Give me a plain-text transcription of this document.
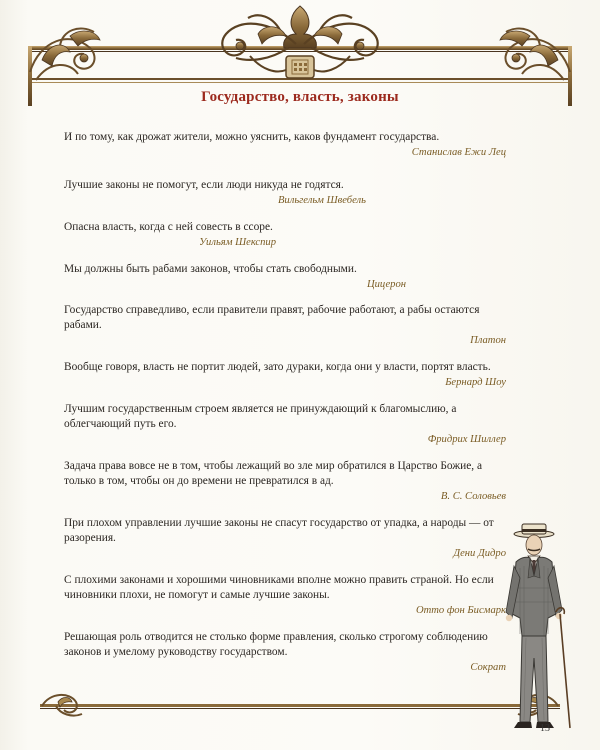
Государство, власть, законы
И по тому, как дрожат жители, можно уяснить, каков фундамент государства.
Станислав Ежи Лец
Лучшие законы не помогут, если люди никуда не годятся.
Вильгельм Швебель
Опасна власть, когда с ней совесть в ссоре.
Уильям Шекспир
Мы должны быть рабами законов, чтобы стать свободными.
Цицерон
Государство справедливо, если правители правят, рабочие работают, а рабы остаются рабами.
Платон
Вообще говоря, власть не портит людей, зато дураки, когда они у власти, портят власть.
Бернард Шоу
Лучшим государственным строем является не принуждающий к благомыслию, а облегчающий путь его.
Фридрих Шиллер
Задача права вовсе не в том, чтобы лежащий во зле мир обратился в Царство Божие, а только в том, чтобы он до времени не превратился в ад.
В. С. Соловьев
При плохом управлении лучшие законы не спасут государство от упадка, а народы — от разорения.
Дени Дидро
С плохими законами и хорошими чиновниками вполне можно править страной. Но если чиновники плохи, не помогут и самые лучшие законы.
Отто фон Бисмарк
Решающая роль отводится не столько форме правления, сколько строгому соблюдению законов и умелому руководству государством.
Сократ
13
